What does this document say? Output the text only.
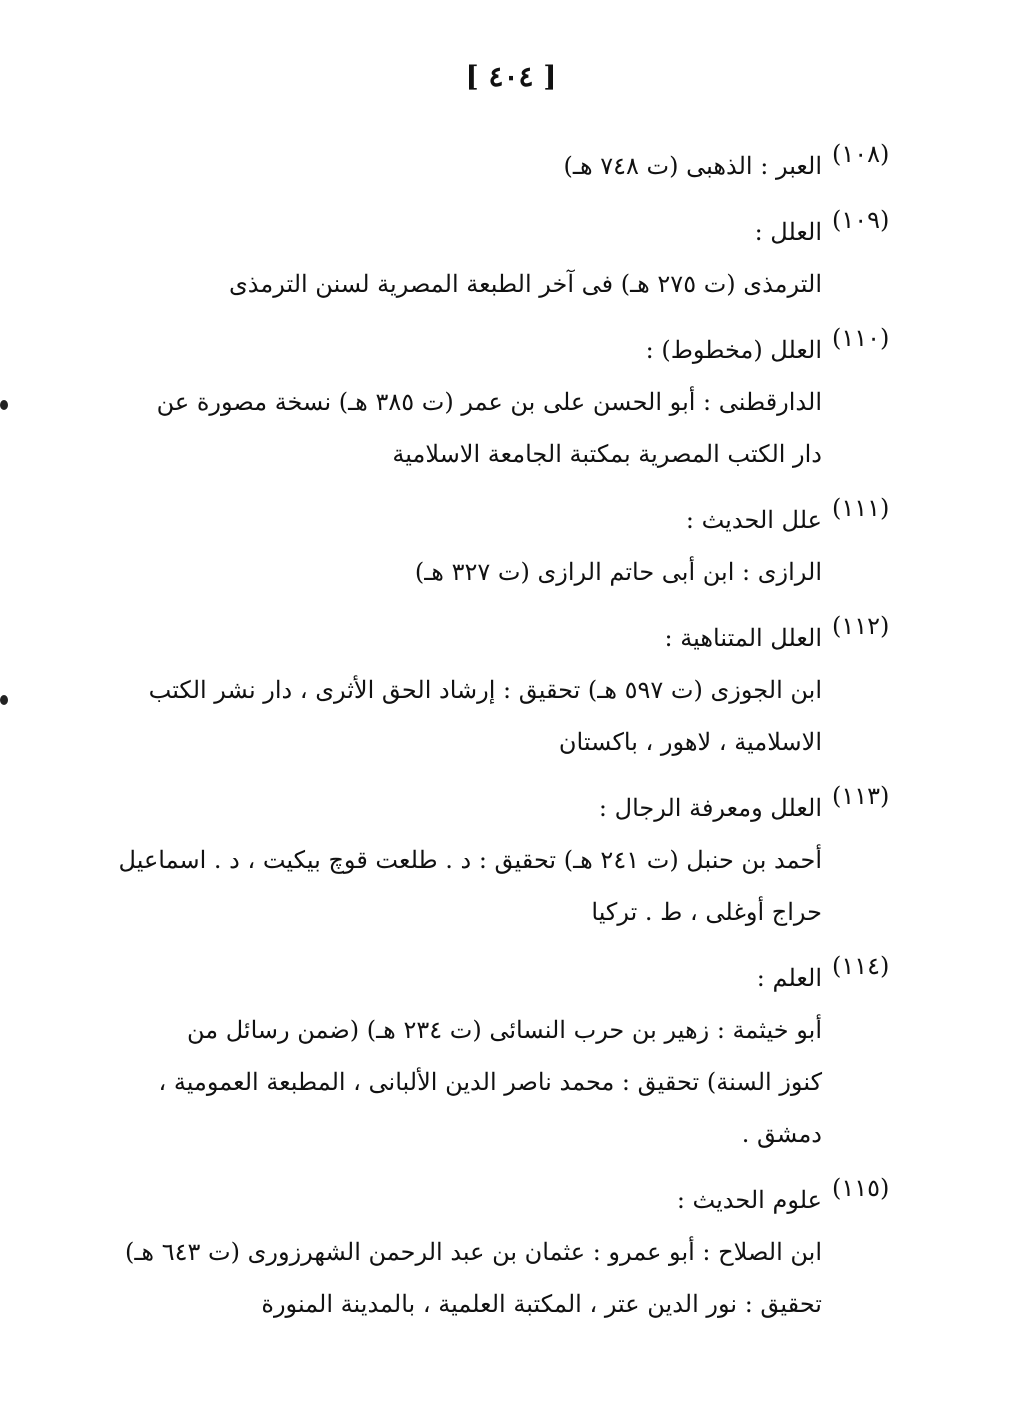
[ ٤٠٤ ]
(١٠٨)
العبر : الذهبى (ت ٧٤٨ هـ)
(١٠٩)
العلل :
الترمذى (ت ٢٧٥ هـ) فى آخر الطبعة المصرية لسنن الترمذى
(١١٠)
العلل (مخطوط) :
الدارقطنى : أبو الحسن على بن عمر (ت ٣٨٥ هـ) نسخة مصورة عن
دار الكتب المصرية بمكتبة الجامعة الاسلامية
(١١١)
علل الحديث :
الرازى : ابن أبى حاتم الرازى (ت ٣٢٧ هـ)
(١١٢)
العلل المتناهية :
ابن الجوزى (ت ٥٩٧ هـ) تحقيق : إرشاد الحق الأثرى ، دار نشر الكتب
الاسلامية ، لاهور ، باكستان
(١١٣)
العلل ومعرفة الرجال :
أحمد بن حنبل (ت ٢٤١ هـ) تحقيق : د . طلعت قوچ بيكيت ، د . اسماعيل
حراج أوغلى ، ط . تركيا
(١١٤)
العلم :
أبو خيثمة : زهير بن حرب النسائى (ت ٢٣٤ هـ) (ضمن رسائل من
كنوز السنة) تحقيق : محمد ناصر الدين الألبانى ، المطبعة العمومية ،
دمشق .
(١١٥)
علوم الحديث :
ابن الصلاح : أبو عمرو : عثمان بن عبد الرحمن الشهرزورى (ت ٦٤٣ هـ)
تحقيق : نور الدين عتر ، المكتبة العلمية ، بالمدينة المنورة
